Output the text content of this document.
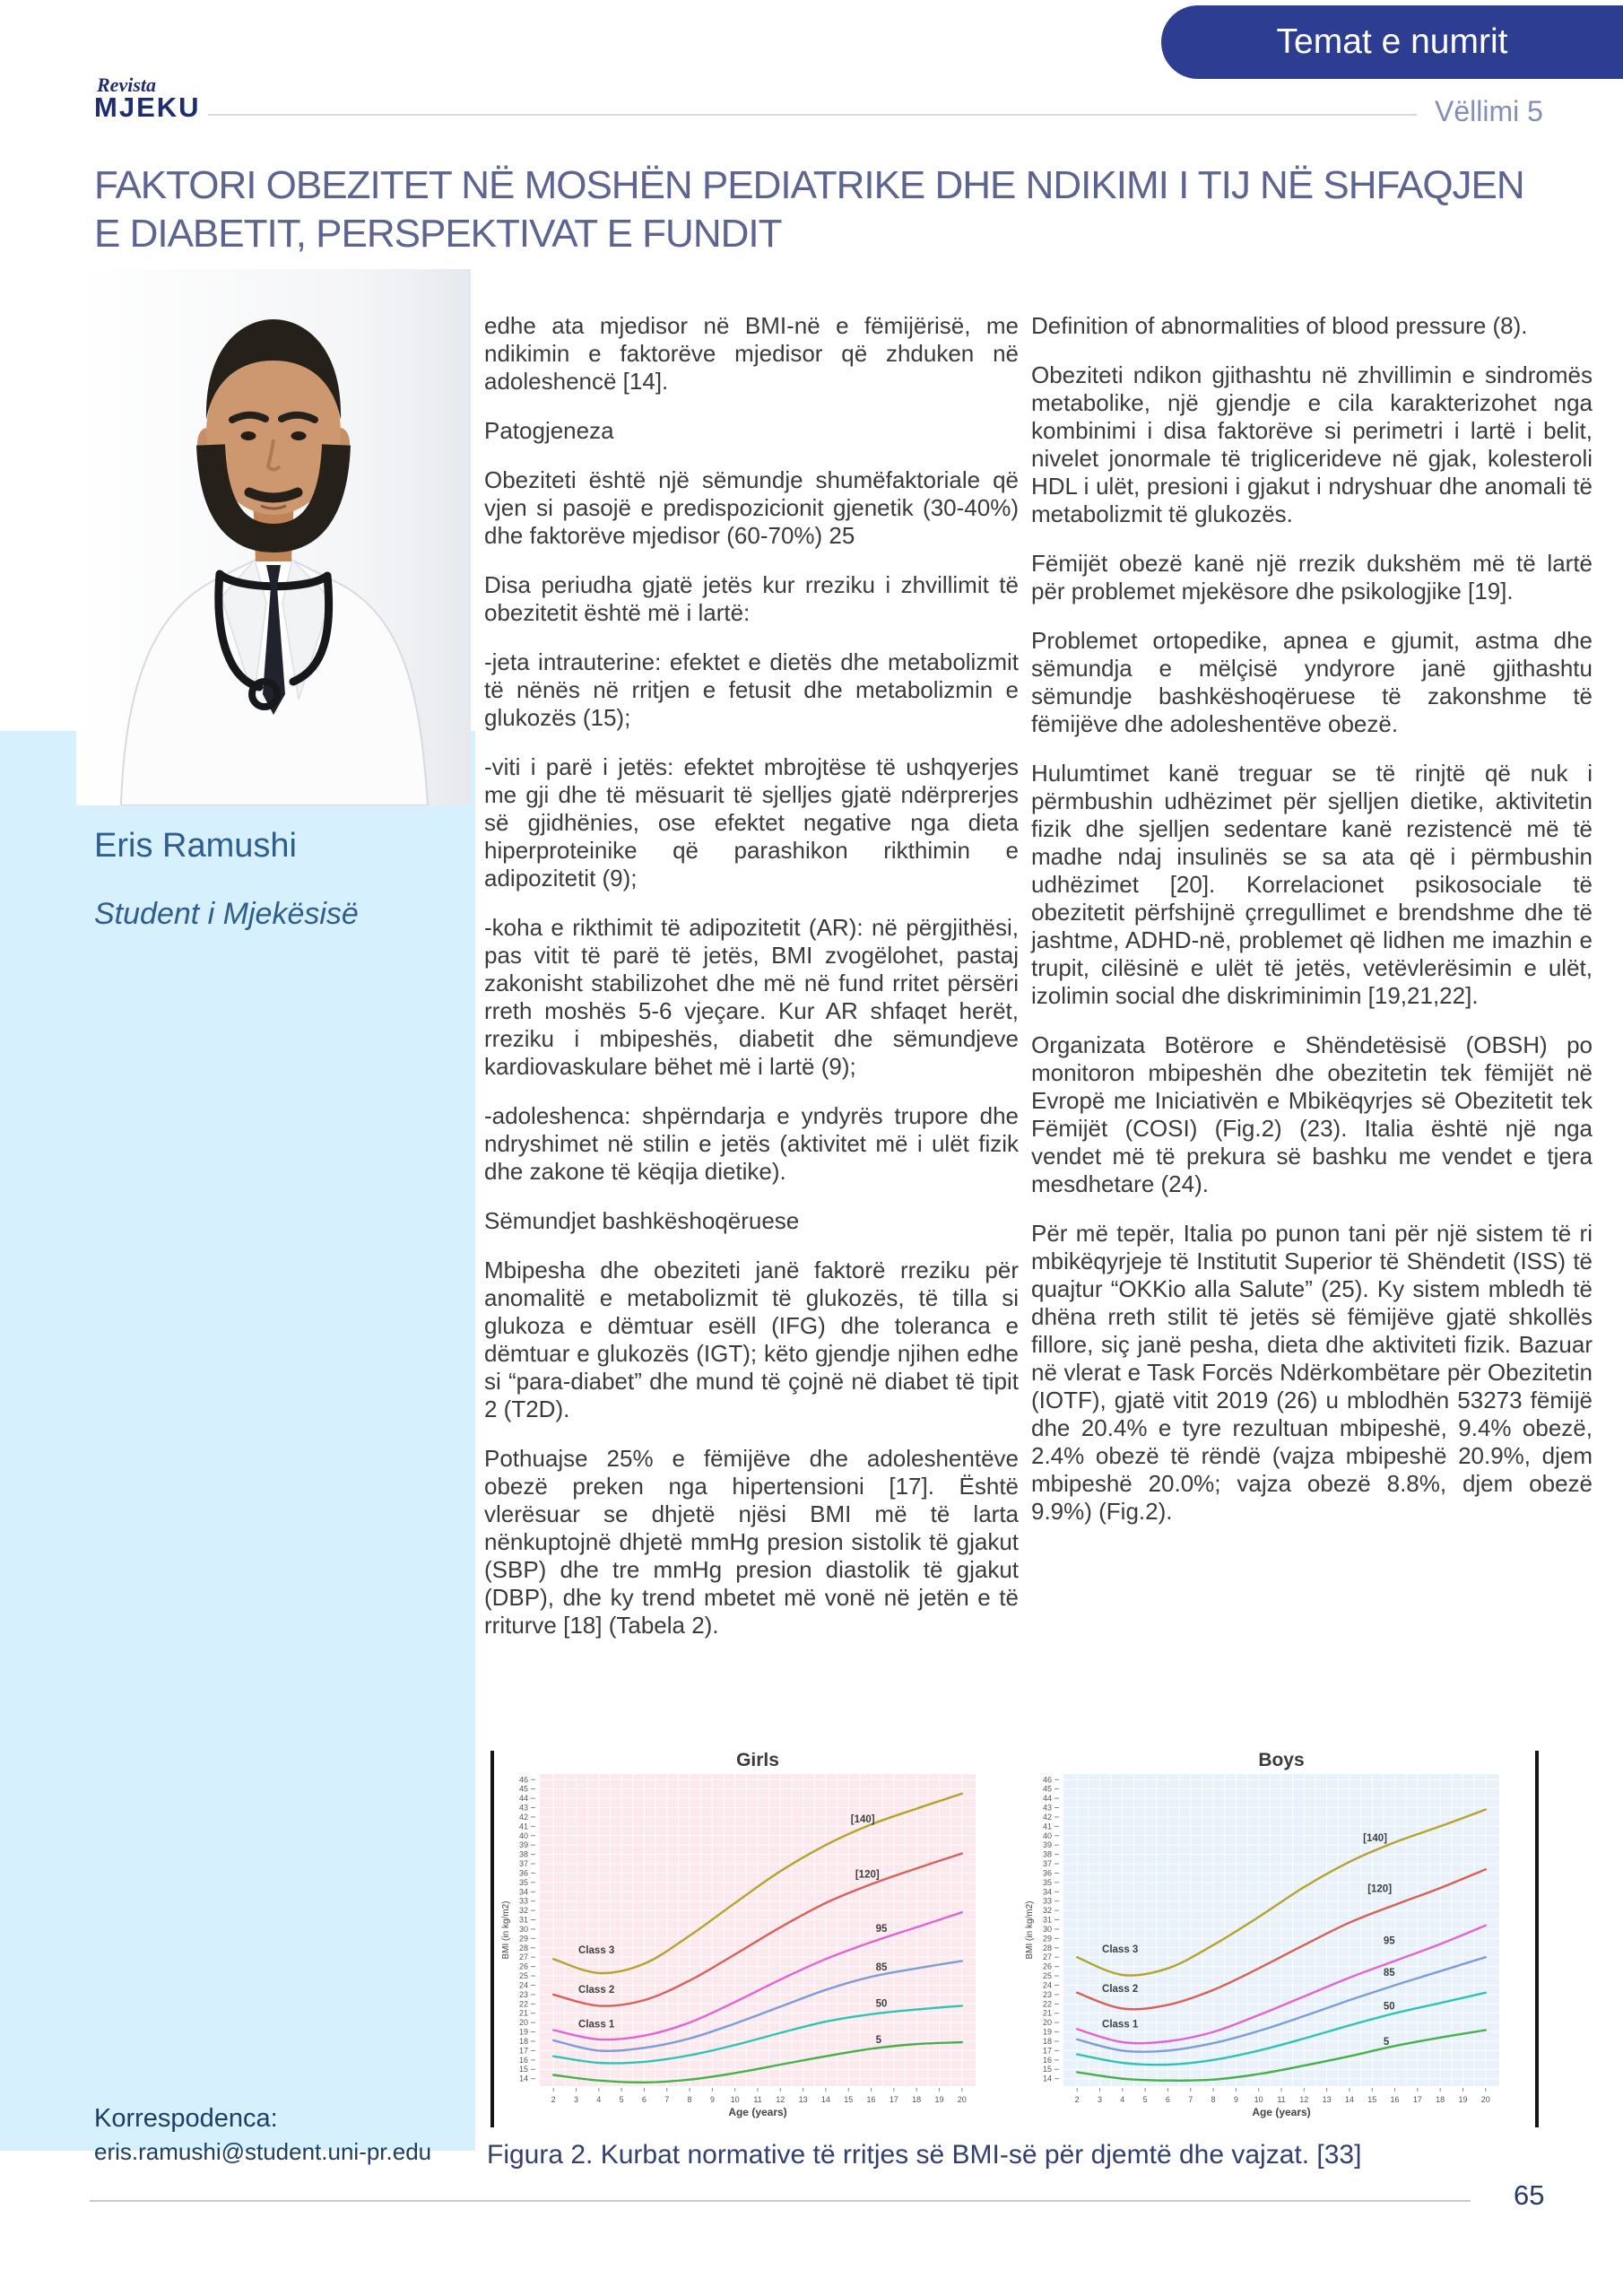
Temat e numrit
Revista
MJEKU	Vëllimi 5
FAKTORI OBEZITET NË MOSHËN PEDIATRIKE DHE NDIKIMI I TIJ NË SHFAQJEN E DIABETIT, PERSPEKTIVAT E FUNDIT
Eris Ramushi
Student i Mjekësisë
Korrespodenca:
eris.ramushi@student.uni-pr.edu

edhe ata mjedisor në BMI-në e fëmijërisë, me ndikimin e faktorëve mjedisor që zhduken në adoleshencë [14].

Patogjeneza

Obeziteti është një sëmundje shumëfaktoriale që vjen si pasojë e predispozicionit gjenetik (30-40%) dhe faktorëve mjedisor (60-70%) 25

Disa periudha gjatë jetës kur rreziku i zhvillimit të obezitetit është më i lartë:

-jeta intrauterine: efektet e dietës dhe metabolizmit të nënës në rritjen e fetusit dhe metabolizmin e glukozës (15);

-viti i parë i jetës: efektet mbrojtëse të ushqyerjes me gji dhe të mësuarit të sjelljes gjatë ndërprerjes së gjidhënies, ose efektet negative nga dieta hiperproteinike që parashikon rikthimin e adipozitetit (9);

-koha e rikthimit të adipozitetit (AR): në përgjithësi, pas vitit të parë të jetës, BMI zvogëlohet, pastaj zakonisht stabilizohet dhe më në fund rritet përsëri rreth moshës 5-6 vjeçare. Kur AR shfaqet herët, rreziku i mbipeshës, diabetit dhe sëmundjeve kardiovaskulare bëhet më i lartë (9);

-adoleshenca: shpërndarja e yndyrës trupore dhe ndryshimet në stilin e jetës (aktivitet më i ulët fizik dhe zakone të këqija dietike).

Sëmundjet bashkëshoqëruese

Mbipesha dhe obeziteti janë faktorë rreziku për anomalitë e metabolizmit të glukozës, të tilla si glukoza e dëmtuar esëll (IFG) dhe toleranca e dëmtuar e glukozës (IGT); këto gjendje njihen edhe si “para-diabet” dhe mund të çojnë në diabet të tipit 2 (T2D).

Pothuajse 25% e fëmijëve dhe adoleshentëve obezë preken nga hipertensioni [17]. Është vlerësuar se dhjetë njësi BMI më të larta nënkuptojnë dhjetë mmHg presion sistolik të gjakut (SBP) dhe tre mmHg presion diastolik të gjakut (DBP), dhe ky trend mbetet më vonë në jetën e të rriturve [18] (Tabela 2).

Definition of abnormalities of blood pressure (8).

Obeziteti ndikon gjithashtu në zhvillimin e sindromës metabolike, një gjendje e cila karakterizohet nga kombinimi i disa faktorëve si perimetri i lartë i belit, nivelet jonormale të triglicerideve në gjak, kolesteroli HDL i ulët, presioni i gjakut i ndryshuar dhe anomali të metabolizmit të glukozës.

Fëmijët obezë kanë një rrezik dukshëm më të lartë për problemet mjekësore dhe psikologjike [19].

Problemet ortopedike, apnea e gjumit, astma dhe sëmundja e mëlçisë yndyrore janë gjithashtu sëmundje bashkëshoqëruese të zakonshme të fëmijëve dhe adoleshentëve obezë.

Hulumtimet kanë treguar se të rinjtë që nuk i përmbushin udhëzimet për sjelljen dietike, aktivitetin fizik dhe sjelljen sedentare kanë rezistencë më të madhe ndaj insulinës se sa ata që i përmbushin udhëzimet [20]. Korrelacionet psikosociale të obezitetit përfshijnë çrregullimet e brendshme dhe të jashtme, ADHD-në, problemet që lidhen me imazhin e trupit, cilësinë e ulët të jetës, vetëvlerësimin e ulët, izolimin social dhe diskriminimin [19,21,22].

Organizata Botërore e Shëndetësisë (OBSH) po monitoron mbipeshën dhe obezitetin tek fëmijët në Evropë me Iniciativën e Mbikëqyrjes së Obezitetit tek Fëmijët (COSI) (Fig.2) (23). Italia është një nga vendet më të prekura së bashku me vendet e tjera mesdhetare (24).

Për më tepër, Italia po punon tani për një sistem të ri mbikëqyrjeje të Institutit Superior të Shëndetit (ISS) të quajtur “OKKio alla Salute” (25). Ky sistem mbledh të dhëna rreth stilit të jetës së fëmijëve gjatë shkollës fillore, siç janë pesha, dieta dhe aktiviteti fizik. Bazuar në vlerat e Task Forcës Ndërkombëtare për Obezitetin (IOTF), gjatë vitit 2019 (26) u mblodhën 53273 fëmijë dhe 20.4% e tyre rezultuan mbipeshë, 9.4% obezë, 2.4% obezë të rëndë (vajza mbipeshë 20.9%, djem mbipeshë 20.0%; vajza obezë 8.8%, djem obezë 9.9%) (Fig.2).

14
15
16
17
18
19
20
21
22
23
24
25
26
27
28
29
30
31
32
33
34
35
36
37
38
39
40
41
42
43
44
45
46
2 3 4 5 6 7 8 9 10 11 12 13 14 15 16 17 18 19 20
Class 3
Class 2
Class 1
[140]
[120]
95
85
50
5
Girls
BMI (in kg/m2)
Age (years)
14
15
16
17
18
19
20
21
22
23
24
25
26
27
28
29
30
31
32
33
34
35
36
37
38
39
40
41
42
43
44
45
46
2 3 4 5 6 7 8 9 10 11 12 13 14 15 16 17 18 19 20
Class 3
Class 2
Class 1
[140]
[120]
95
85
50
5
Boys
BMI (in kg/m2)
Age (years)
Figura 2. Kurbat normative të rritjes së BMI-së për djemtë dhe vajzat. [33]
65
